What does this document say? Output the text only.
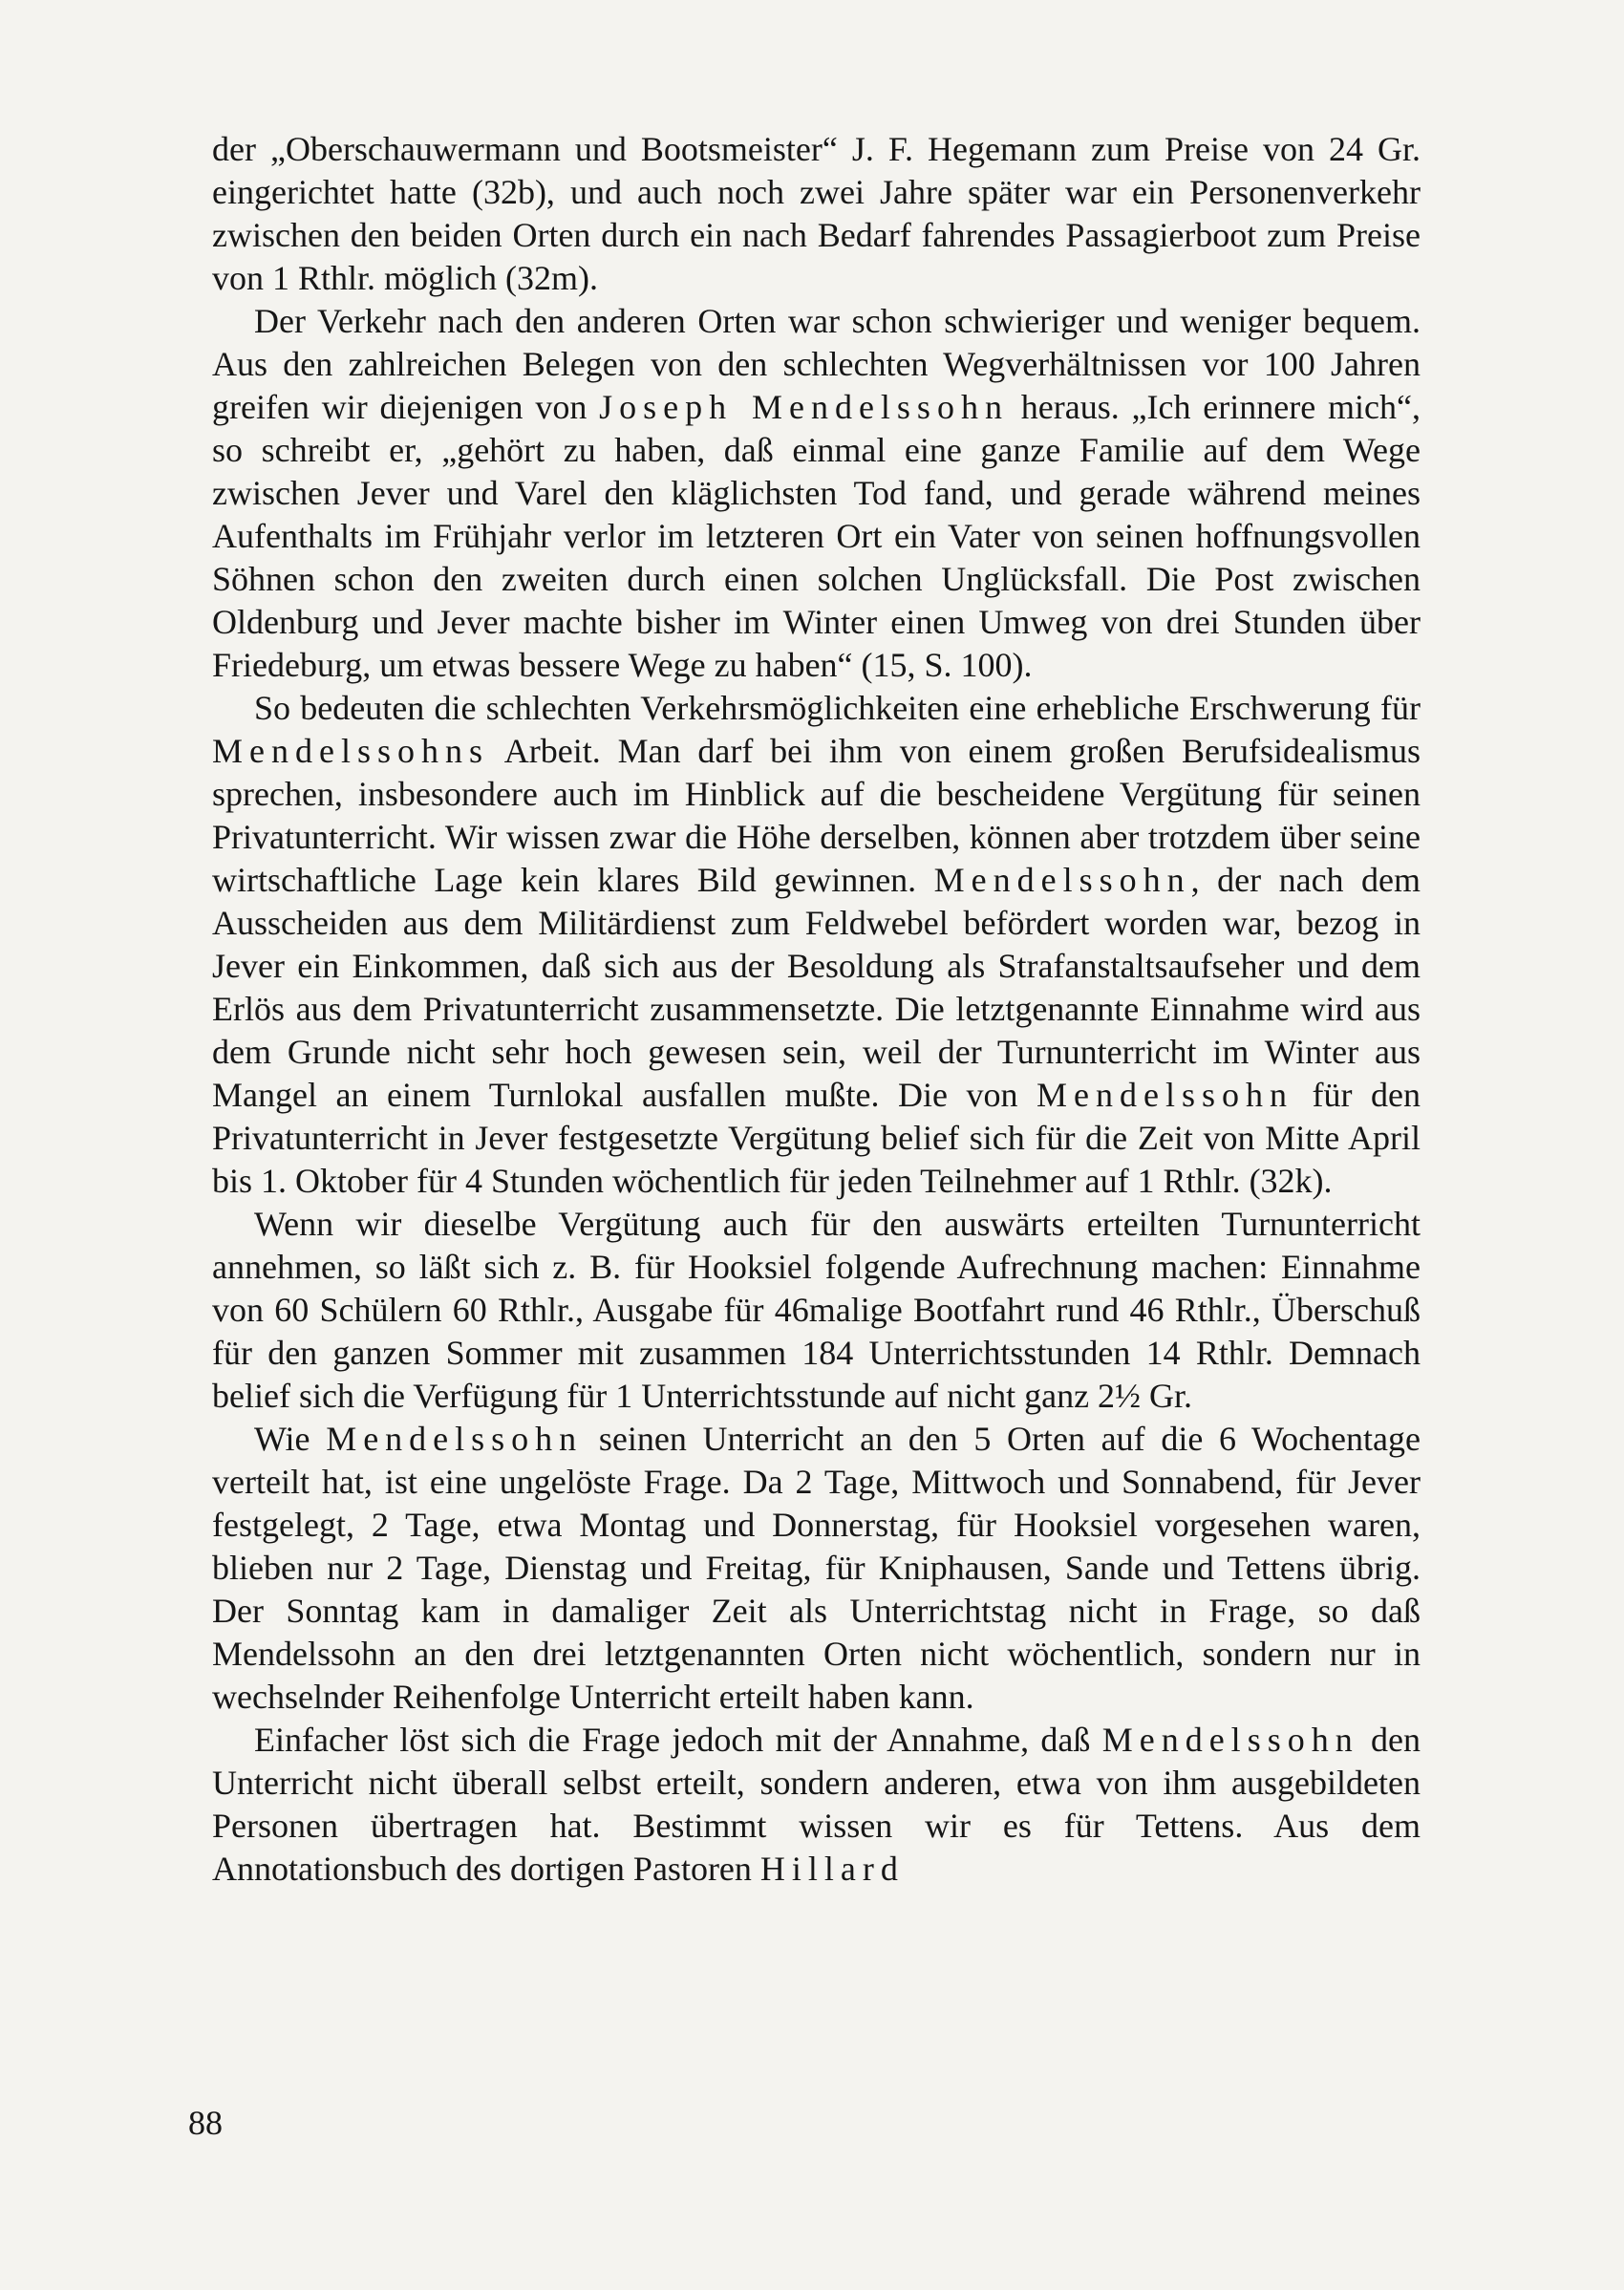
der „Oberschauwermann und Bootsmeister“ J. F. Hegemann zum Preise von 24 Gr. eingerichtet hatte (32b), und auch noch zwei Jahre später war ein Personenverkehr zwischen den beiden Orten durch ein nach Bedarf fahrendes Passagierboot zum Preise von 1 Rthlr. möglich (32m).

Der Verkehr nach den anderen Orten war schon schwieriger und weniger bequem. Aus den zahlreichen Belegen von den schlechten Wegverhältnissen vor 100 Jahren greifen wir diejenigen von Joseph Mendelssohn heraus. „Ich erinnere mich“, so schreibt er, „gehört zu haben, daß einmal eine ganze Familie auf dem Wege zwischen Jever und Varel den kläglichsten Tod fand, und gerade während meines Aufenthalts im Frühjahr verlor im letzteren Ort ein Vater von seinen hoffnungsvollen Söhnen schon den zweiten durch einen solchen Unglücksfall. Die Post zwischen Oldenburg und Jever machte bisher im Winter einen Umweg von drei Stunden über Friedeburg, um etwas bessere Wege zu haben“ (15, S. 100).

So bedeuten die schlechten Verkehrsmöglichkeiten eine erhebliche Erschwerung für Mendelssohns Arbeit. Man darf bei ihm von einem großen Berufsidealismus sprechen, insbesondere auch im Hinblick auf die bescheidene Vergütung für seinen Privatunterricht. Wir wissen zwar die Höhe derselben, können aber trotzdem über seine wirtschaftliche Lage kein klares Bild gewinnen. Mendelssohn, der nach dem Ausscheiden aus dem Militärdienst zum Feldwebel befördert worden war, bezog in Jever ein Einkommen, daß sich aus der Besoldung als Strafanstaltsaufseher und dem Erlös aus dem Privatunterricht zusammensetzte. Die letztgenannte Einnahme wird aus dem Grunde nicht sehr hoch gewesen sein, weil der Turnunterricht im Winter aus Mangel an einem Turnlokal ausfallen mußte. Die von Mendelssohn für den Privatunterricht in Jever festgesetzte Vergütung belief sich für die Zeit von Mitte April bis 1. Oktober für 4 Stunden wöchentlich für jeden Teilnehmer auf 1 Rthlr. (32k).

Wenn wir dieselbe Vergütung auch für den auswärts erteilten Turnunterricht annehmen, so läßt sich z. B. für Hooksiel folgende Aufrechnung machen: Einnahme von 60 Schülern 60 Rthlr., Ausgabe für 46malige Bootfahrt rund 46 Rthlr., Überschuß für den ganzen Sommer mit zusammen 184 Unterrichtsstunden 14 Rthlr. Demnach belief sich die Verfügung für 1 Unterrichtsstunde auf nicht ganz 2½ Gr.

Wie Mendelssohn seinen Unterricht an den 5 Orten auf die 6 Wochentage verteilt hat, ist eine ungelöste Frage. Da 2 Tage, Mittwoch und Sonnabend, für Jever festgelegt, 2 Tage, etwa Montag und Donnerstag, für Hooksiel vorgesehen waren, blieben nur 2 Tage, Dienstag und Freitag, für Kniphausen, Sande und Tettens übrig. Der Sonntag kam in damaliger Zeit als Unterrichtstag nicht in Frage, so daß Mendelssohn an den drei letztgenannten Orten nicht wöchentlich, sondern nur in wechselnder Reihenfolge Unterricht erteilt haben kann.

Einfacher löst sich die Frage jedoch mit der Annahme, daß Mendelssohn den Unterricht nicht überall selbst erteilt, sondern anderen, etwa von ihm ausgebildeten Personen übertragen hat. Bestimmt wissen wir es für Tettens. Aus dem Annotationsbuch des dortigen Pastoren Hillard

88
